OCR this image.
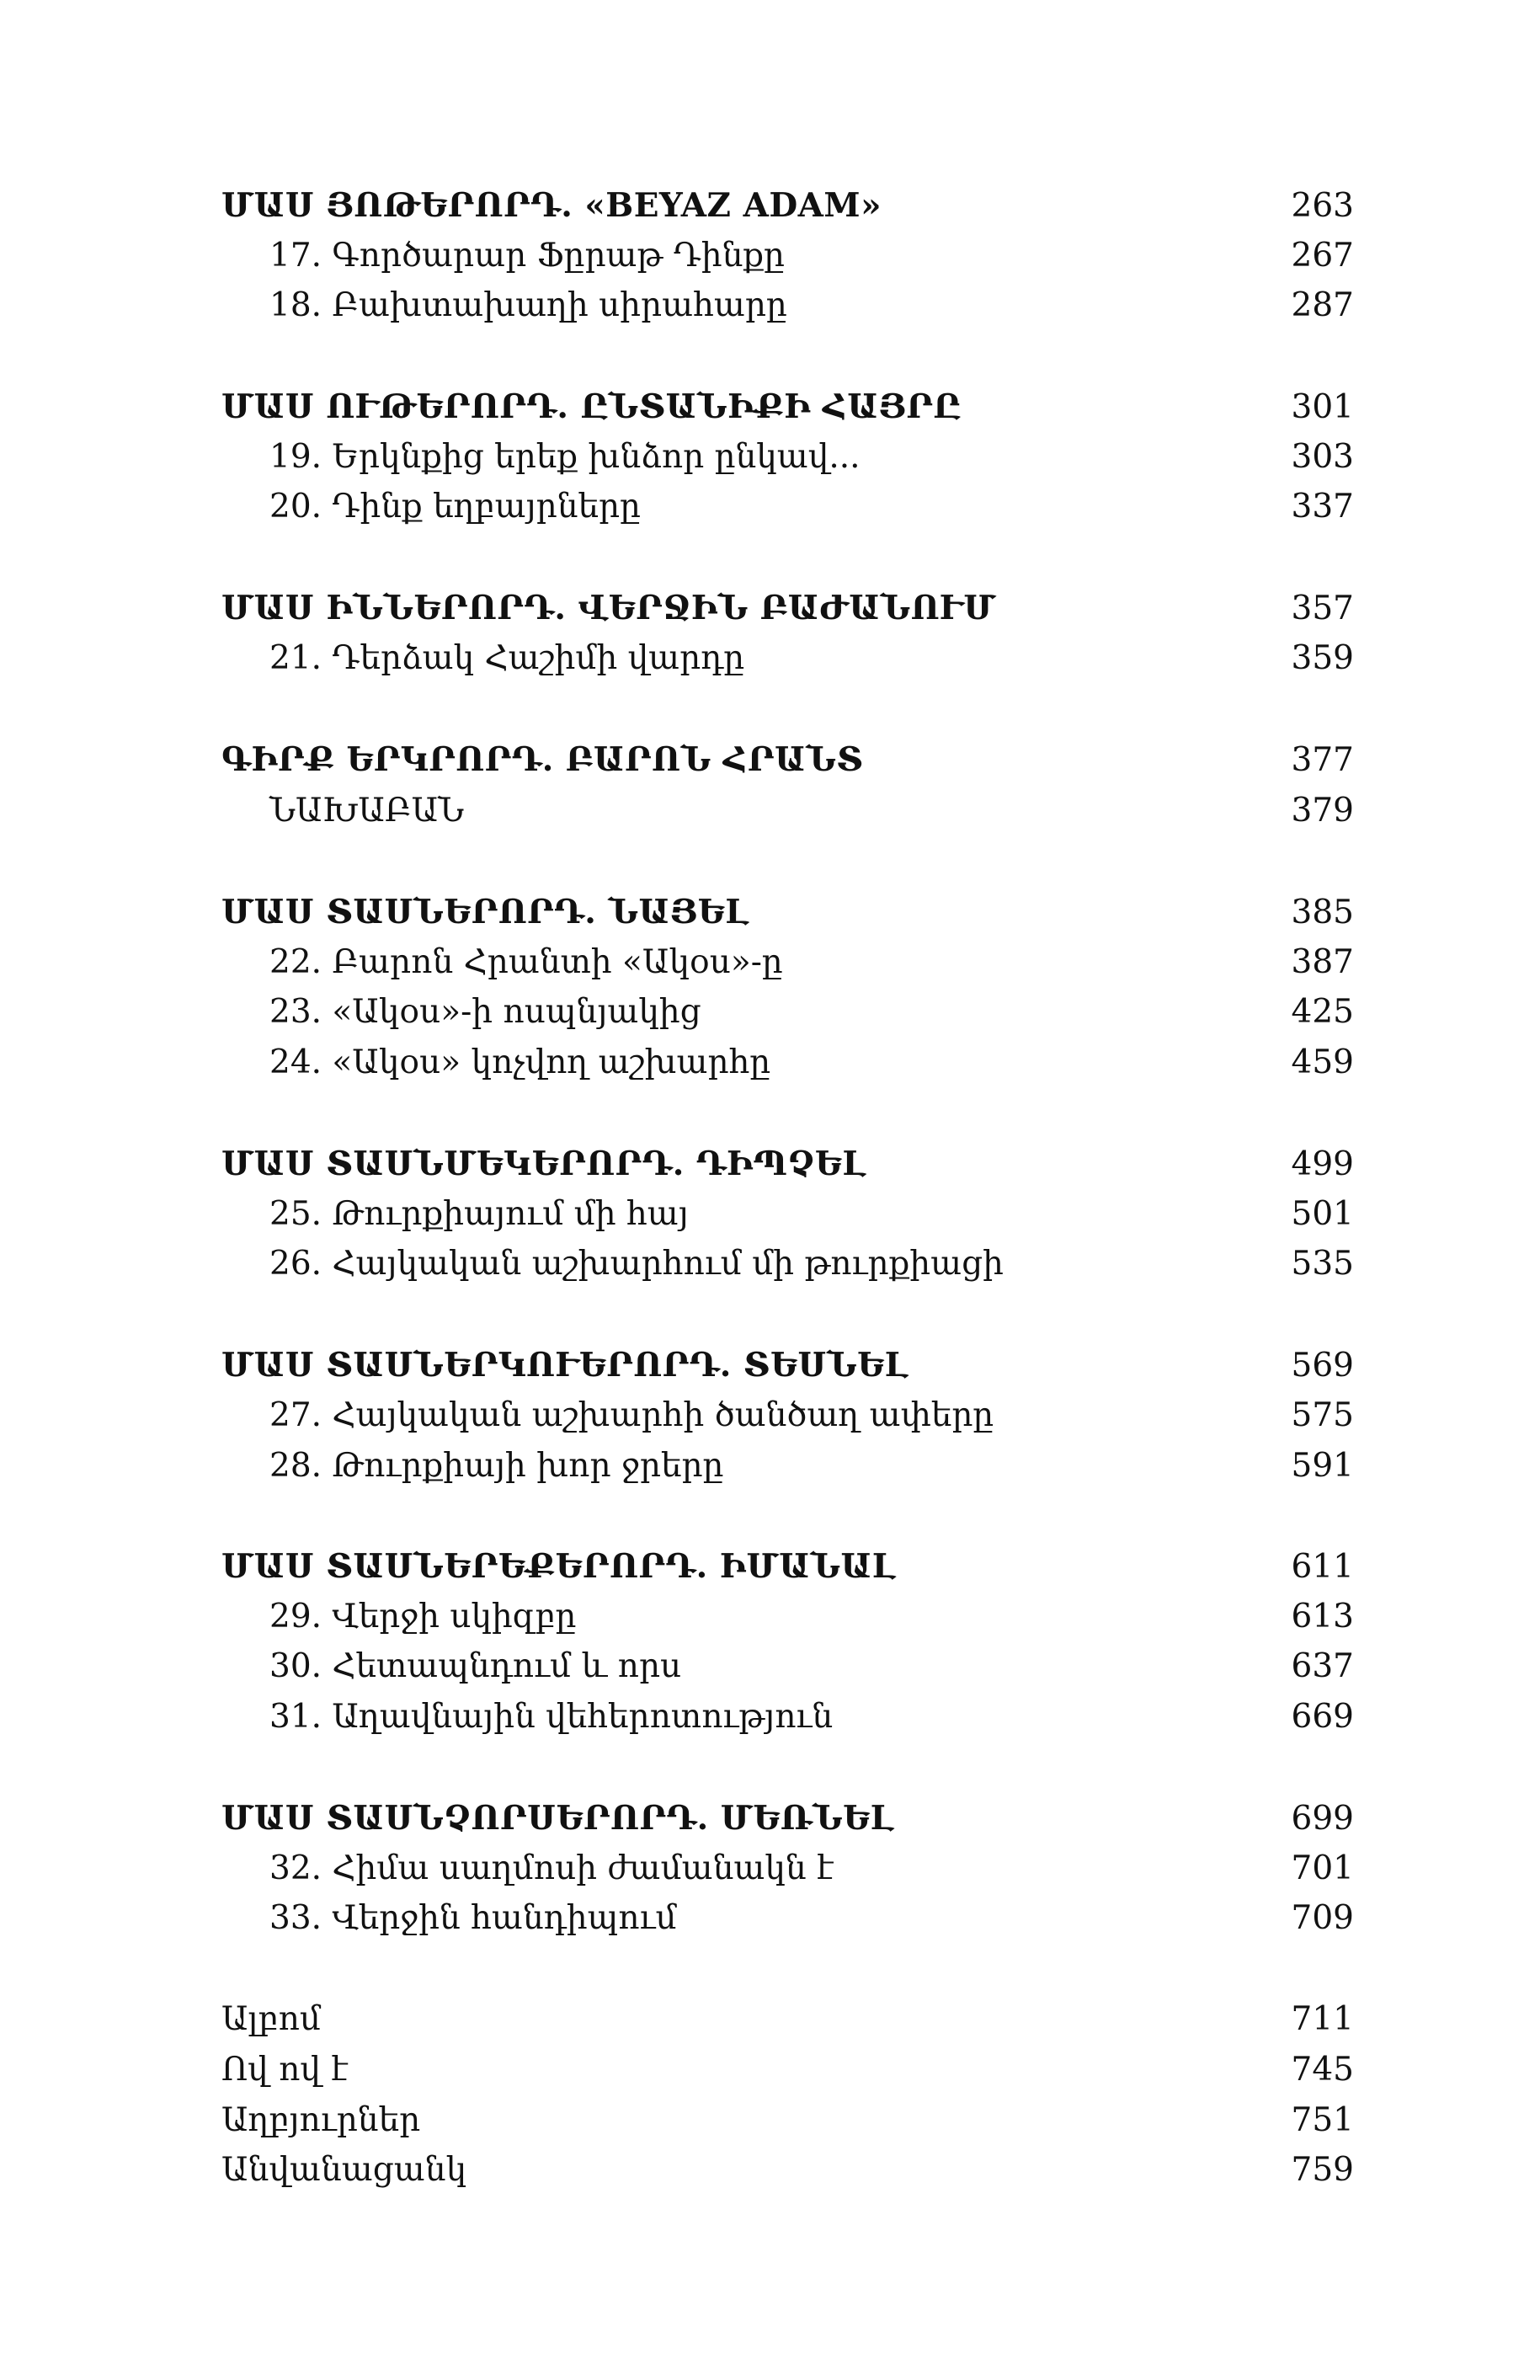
ՄԱՍ ՅՈԹԵՐՈՐԴ. «BEYAZ ADAM»	263
17. Գործարար Ֆըրաթ Դինքը	267
18. Բախտախաղի սիրահարը	287
ՄԱՍ ՈՒԹԵՐՈՐԴ. ԸՆՏԱՆԻՔԻ ՀԱՅՐԸ	301
19. Երկնքից երեք խնձոր ընկավ...	303
20. Դինք եղբայրները	337
ՄԱՍ ԻՆՆԵՐՈՐԴ. ՎԵՐՋԻՆ ԲԱԺԱՆՈՒՄ	357
21. Դերձակ Հաշիմի վարդը	359
ԳԻՐՔ ԵՐԿՐՈՐԴ. ԲԱՐՈՆ ՀՐԱՆՏ	377
ՆԱԽԱԲԱՆ	379
ՄԱՍ ՏԱՍՆԵՐՈՐԴ. ՆԱՅԵԼ	385
22. Բարոն Հրանտի «Ակօս»-ը	387
23. «Ակօս»-ի ոսպնյակից	425
24. «Ակօս» կոչվող աշխարհը	459
ՄԱՍ ՏԱՍՆՄԵԿԵՐՈՐԴ. ԴԻՊՉԵԼ	499
25. Թուրքիայում մի հայ	501
26. Հայկական աշխարհում մի թուրքիացի	535
ՄԱՍ ՏԱՍՆԵՐԿՈՒԵՐՈՐԴ. ՏԵՍՆԵԼ	569
27. Հայկական աշխարհի ծանծաղ ափերը	575
28. Թուրքիայի խոր ջրերը	591
ՄԱՍ ՏԱՍՆԵՐԵՔԵՐՈՐԴ. ԻՄԱՆԱԼ	611
29. Վերջի սկիզբը	613
30. Հետապնդում և որս	637
31. Աղավնային վեհերոտություն	669
ՄԱՍ ՏԱՍՆՉՈՐՍԵՐՈՐԴ. ՄԵՌՆԵԼ	699
32. Հիմա սաղմոսի ժամանակն է	701
33. Վերջին հանդիպում	709
Ալբոմ	711
Ով ով է	745
Աղբյուրներ	751
Անվանացանկ	759
